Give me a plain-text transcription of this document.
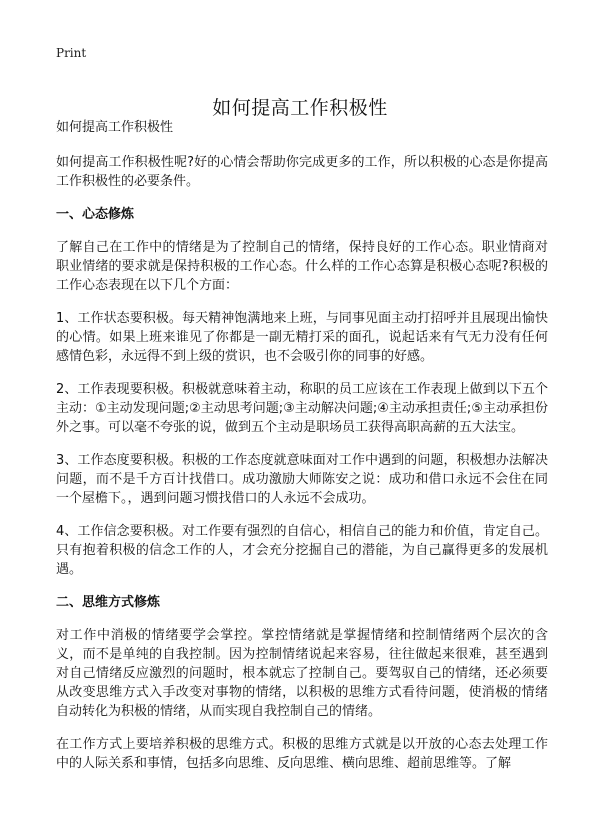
Print
如何提高工作积极性

如何提高工作积极性

如何提高工作积极性呢?好的心情会帮助你完成更多的工作，所以积极的心态是你提高工作积极性的必要条件。

一、心态修炼

了解自己在工作中的情绪是为了控制自己的情绪，保持良好的工作心态。职业情商对职业情绪的要求就是保持积极的工作心态。什么样的工作心态算是积极心态呢?积极的工作心态表现在以下几个方面：

1、工作状态要积极。每天精神饱满地来上班，与同事见面主动打招呼并且展现出愉快的心情。如果上班来谁见了你都是一副无精打采的面孔，说起话来有气无力没有任何感情色彩，永远得不到上级的赏识，也不会吸引你的同事的好感。

2、工作表现要积极。积极就意味着主动，称职的员工应该在工作表现上做到以下五个主动：①主动发现问题;②主动思考问题;③主动解决问题;④主动承担责任;⑤主动承担份外之事。可以毫不夸张的说，做到五个主动是职场员工获得高职高薪的五大法宝。

3、工作态度要积极。积极的工作态度就意味面对工作中遇到的问题，积极想办法解决问题，而不是千方百计找借口。成功激励大师陈安之说：成功和借口永远不会住在同一个屋檐下。，遇到问题习惯找借口的人永远不会成功。

4、工作信念要积极。对工作要有强烈的自信心，相信自己的能力和价值，肯定自己。只有抱着积极的信念工作的人，才会充分挖掘自己的潜能，为自己赢得更多的发展机遇。

二、思维方式修炼

对工作中消极的情绪要学会掌控。掌控情绪就是掌握情绪和控制情绪两个层次的含义，而不是单纯的自我控制。因为控制情绪说起来容易，往往做起来很难，甚至遇到对自己情绪反应激烈的问题时，根本就忘了控制自己。要驾驭自己的情绪，还必须要从改变思维方式入手改变对事物的情绪，以积极的思维方式看待问题，使消极的情绪自动转化为积极的情绪，从而实现自我控制自己的情绪。

在工作方式上要培养积极的思维方式。积极的思维方式就是以开放的心态去处理工作中的人际关系和事情，包括多向思维、反向思维、横向思维、超前思维等。了解
